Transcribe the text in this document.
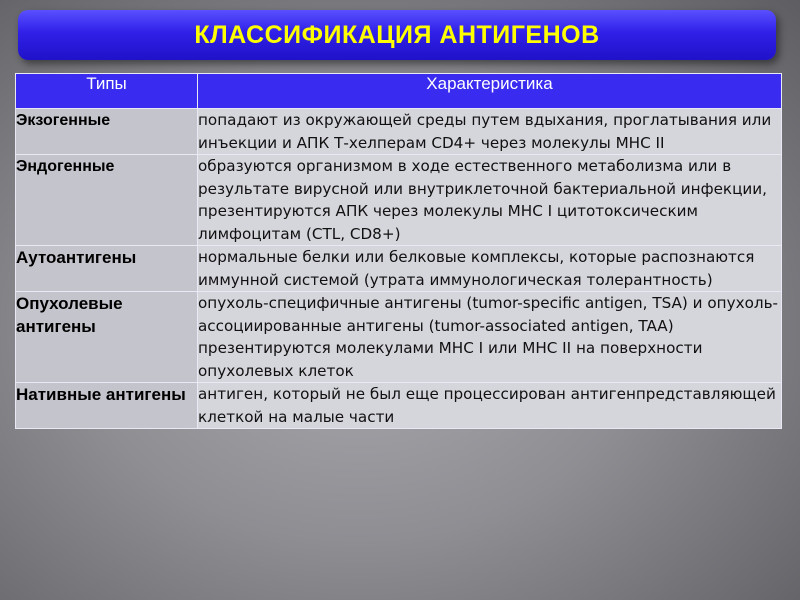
КЛАССИФИКАЦИЯ АНТИГЕНОВ
Типы	Характеристика
Экзогенные	попадают из окружающей среды путем вдыхания, проглатывания или инъекции и АПК Т-хелперам CD4+ через молекулы MHC II
Эндогенные	образуются организмом в ходе естественного метаболизма или в результате вирусной или внутриклеточной бактериальной инфекции, презентируются АПК через молекулы MHC I цитотоксическим лимфоцитам (CTL, CD8+)
Аутоантигены	нормальные белки или белковые комплексы, которые распознаются иммунной системой (утрата иммунологическая толерантность)
Опухолевые антигены	опухоль-специфичные антигены (tumor-specific antigen, TSA) и опухоль-ассоциированные антигены (tumor-associated antigen, TAA) презентируются молекулами MHC I или MHC II на поверхности опухолевых клеток
Нативные антигены	антиген, который не был еще процессирован антигенпредставляющей клеткой на малые части
